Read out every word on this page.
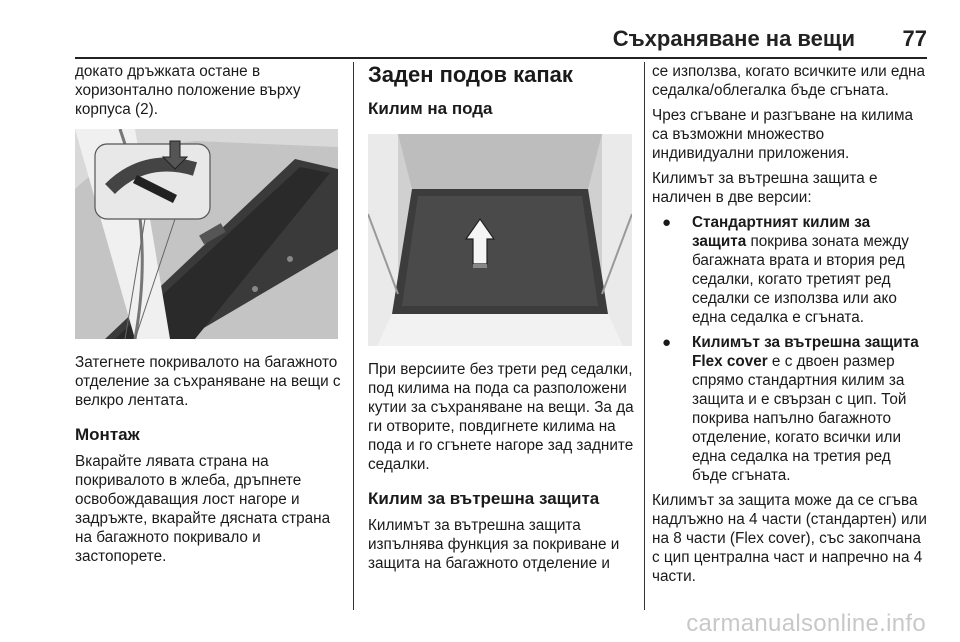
Съхраняване на вещи 77

докато дръжката остане в хоризонтално положение върху корпуса (2).

Затегнете покривалото на багажното отделение за съхраняване на вещи с велкро лентата.

Монтаж

Вкарайте лявата страна на покривалото в жлеба, дръпнете освобождаващия лост нагоре и задръжте, вкарайте дясната страна на багажното покривало и застопорете.

Заден подов капак
Килим на пода

При версиите без трети ред седалки, под килима на пода са разположени кутии за съхраняване на вещи. За да ги отворите, повдигнете килима на пода и го сгънете нагоре зад задните седалки.

Килим за вътрешна защита

Килимът за вътрешна защита изпълнява функция за покриване и защита на багажното отделение и

се използва, когато всичките или една седалка/облегалка бъде сгъната.

Чрез сгъване и разгъване на килима са възможни множество индивидуални приложения.

Килимът за вътрешна защита е наличен в две версии:

● Стандартният килим за защита покрива зоната между багажната врата и втория ред седалки, когато третият ред седалки се използва или ако една седалка е сгъната.
● Килимът за вътрешна защита Flex cover е с двоен размер спрямо стандартния килим за защита и е свързан с цип. Той покрива напълно багажното отделение, когато всички или една седалка на третия ред бъде сгъната.

Килимът за защита може да се сгъва надлъжно на 4 части (стандартен) или на 8 части (Flex cover), със закопчана с цип централна част и напречно на 4 части.

carmanualsonline.info
